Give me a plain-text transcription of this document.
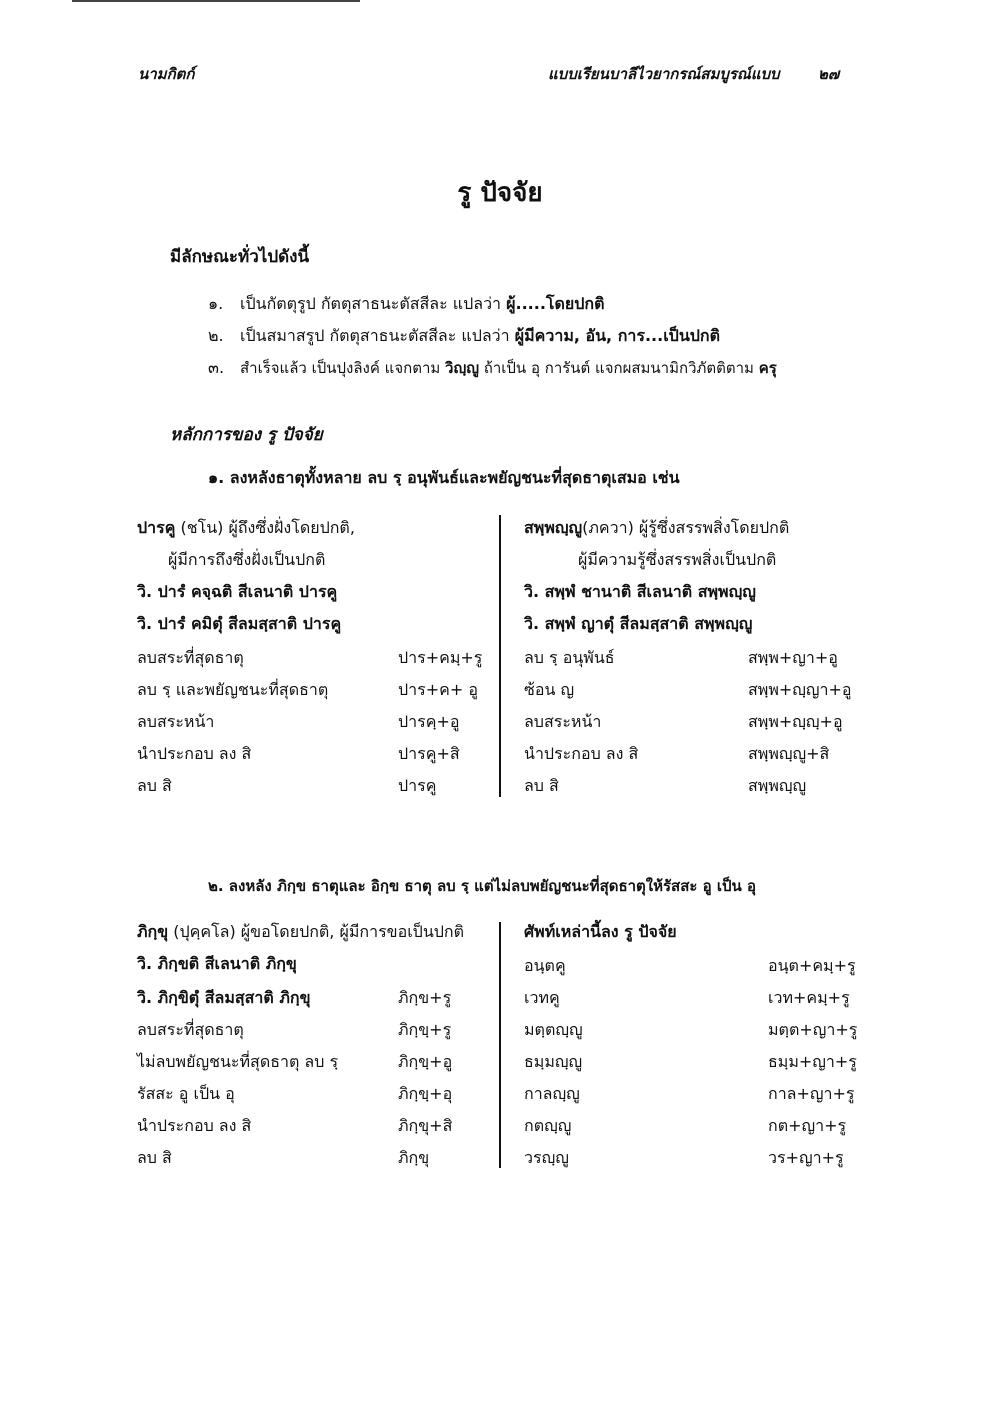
นามกิตก์	แบบเรียนบาลีไวยากรณ์สมบูรณ์แบบ	๒๗
รู ปัจจัย
มีลักษณะทั่วไปดังนี้
๑. เป็นกัตตุรูป กัตตุสาธนะตัสสีละ แปลว่า ผู้.....โดยปกติ
๒. เป็นสมาสรูป กัตตุสาธนะตัสสีละ แปลว่า ผู้มีความ, อัน, การ...เป็นปกติ
๓. สำเร็จแล้ว เป็นปุงลิงค์ แจกตาม วิญฺญู ถ้าเป็น อุ การันต์ แจกผสมนามิกวิภัตติตาม ครุ
หลักการของ รู ปัจจัย
๑. ลงหลังธาตุทั้งหลาย ลบ รฺ อนุพันธ์และพยัญชนะที่สุดธาตุเสมอ เช่น
ปารคู (ชโน) ผู้ถึงซึ่งฝั่งโดยปกติ,
ผู้มีการถึงซึ่งฝั่งเป็นปกติ
วิ. ปารํ คจฺฉติ สีเลนาติ ปารคู
วิ. ปารํ คมิตุํ สีลมสฺสาติ ปารคู
ลบสระที่สุดธาตุ	ปาร+คมฺ+รู
ลบ รฺ และพยัญชนะที่สุดธาตุ	ปาร+ค+ อู
ลบสระหน้า	ปารคฺ+อู
นำประกอบ ลง สิ	ปารคู+สิ
ลบ สิ	ปารคู
สพฺพญฺญู(ภควา) ผู้รู้ซึ่งสรรพสิ่งโดยปกติ
ผู้มีความรู้ซึ่งสรรพสิ่งเป็นปกติ
วิ. สพฺพํ ชานาติ สีเลนาติ สพฺพญฺญู
วิ. สพฺพํ ญาตุํ สีลมสฺสาติ สพฺพญฺญู
ลบ รฺ อนุพันธ์	สพฺพ+ญา+อู
ซ้อน ญ	สพฺพ+ญฺญา+อู
ลบสระหน้า	สพฺพ+ญฺญฺ+อู
นำประกอบ ลง สิ	สพฺพญฺญู+สิ
ลบ สิ	สพฺพญฺญู
๒. ลงหลัง ภิกฺข ธาตุและ อิกฺข ธาตุ ลบ รฺ แต่ไม่ลบพยัญชนะที่สุดธาตุให้รัสสะ อู เป็น อุ
ภิกฺขุ (ปุคฺคโล) ผู้ขอโดยปกติ, ผู้มีการขอเป็นปกติ
วิ. ภิกฺขติ สีเลนาติ ภิกฺขุ
วิ. ภิกฺขิตุํ สีลมสฺสาติ ภิกฺขุ	ภิกฺข+รู
ลบสระที่สุดธาตุ	ภิกฺขฺ+รู
ไม่ลบพยัญชนะที่สุดธาตุ ลบ รฺ	ภิกฺขฺ+อู
รัสสะ อู เป็น อุ	ภิกฺขฺ+อุ
นำประกอบ ลง สิ	ภิกฺขุ+สิ
ลบ สิ	ภิกฺขุ
ศัพท์เหล่านี้ลง รู ปัจจัย
อนฺตคู	อนฺต+คมฺ+รู
เวทคู	เวท+คมฺ+รู
มตฺตญฺญู	มตฺต+ญา+รู
ธมฺมญฺญู	ธมฺม+ญา+รู
กาลญฺญู	กาล+ญา+รู
กตญฺญู	กต+ญา+รู
วรญฺญู	วร+ญา+รู
